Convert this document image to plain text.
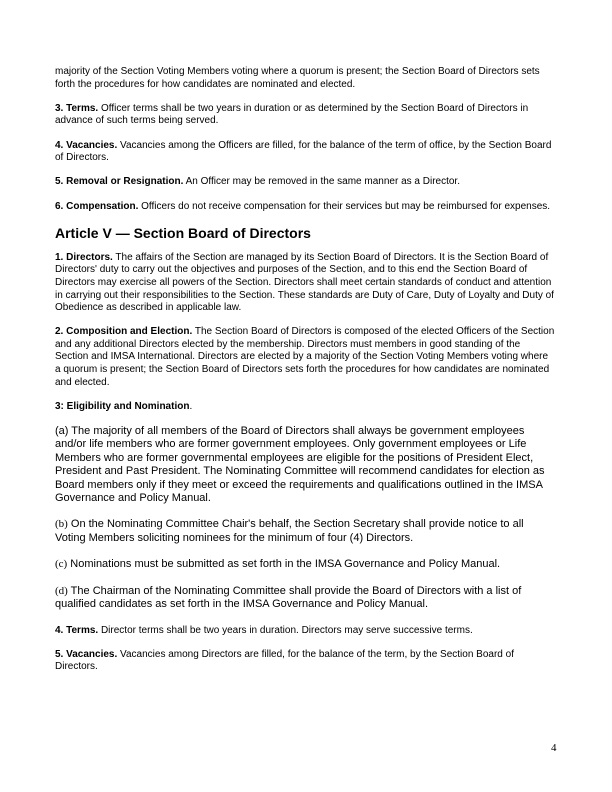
majority of the Section Voting Members voting where a quorum is present; the Section Board of Directors sets forth the procedures for how candidates are nominated and elected.

3. Terms. Officer terms shall be two years in duration or as determined by the Section Board of Directors in advance of such terms being served.

4. Vacancies. Vacancies among the Officers are filled, for the balance of the term of office, by the Section Board of Directors.

5. Removal or Resignation. An Officer may be removed in the same manner as a Director.

6. Compensation. Officers do not receive compensation for their services but may be reimbursed for expenses.

Article V — Section Board of Directors

1. Directors. The affairs of the Section are managed by its Section Board of Directors. It is the Section Board of Directors' duty to carry out the objectives and purposes of the Section, and to this end the Section Board of Directors may exercise all powers of the Section. Directors shall meet certain standards of conduct and attention in carrying out their responsibilities to the Section. These standards are Duty of Care, Duty of Loyalty and Duty of Obedience as described in applicable law.

2. Composition and Election. The Section Board of Directors is composed of the elected Officers of the Section and any additional Directors elected by the membership. Directors must members in good standing of the Section and IMSA International. Directors are elected by a majority of the Section Voting Members voting where a quorum is present; the Section Board of Directors sets forth the procedures for how candidates are nominated and elected.

3: Eligibility and Nomination.

(a) The majority of all members of the Board of Directors shall always be government employees and/or life members who are former government employees. Only government employees or Life Members who are former governmental employees are eligible for the positions of President Elect, President and Past President. The Nominating Committee will recommend candidates for election as Board members only if they meet or exceed the requirements and qualifications outlined in the IMSA Governance and Policy Manual.

(b) On the Nominating Committee Chair's behalf, the Section Secretary shall provide notice to all Voting Members soliciting nominees for the minimum of four (4) Directors.

(c) Nominations must be submitted as set forth in the IMSA Governance and Policy Manual.

(d) The Chairman of the Nominating Committee shall provide the Board of Directors with a list of qualified candidates as set forth in the IMSA Governance and Policy Manual.

4. Terms. Director terms shall be two years in duration. Directors may serve successive terms.

5. Vacancies. Vacancies among Directors are filled, for the balance of the term, by the Section Board of Directors.

4
